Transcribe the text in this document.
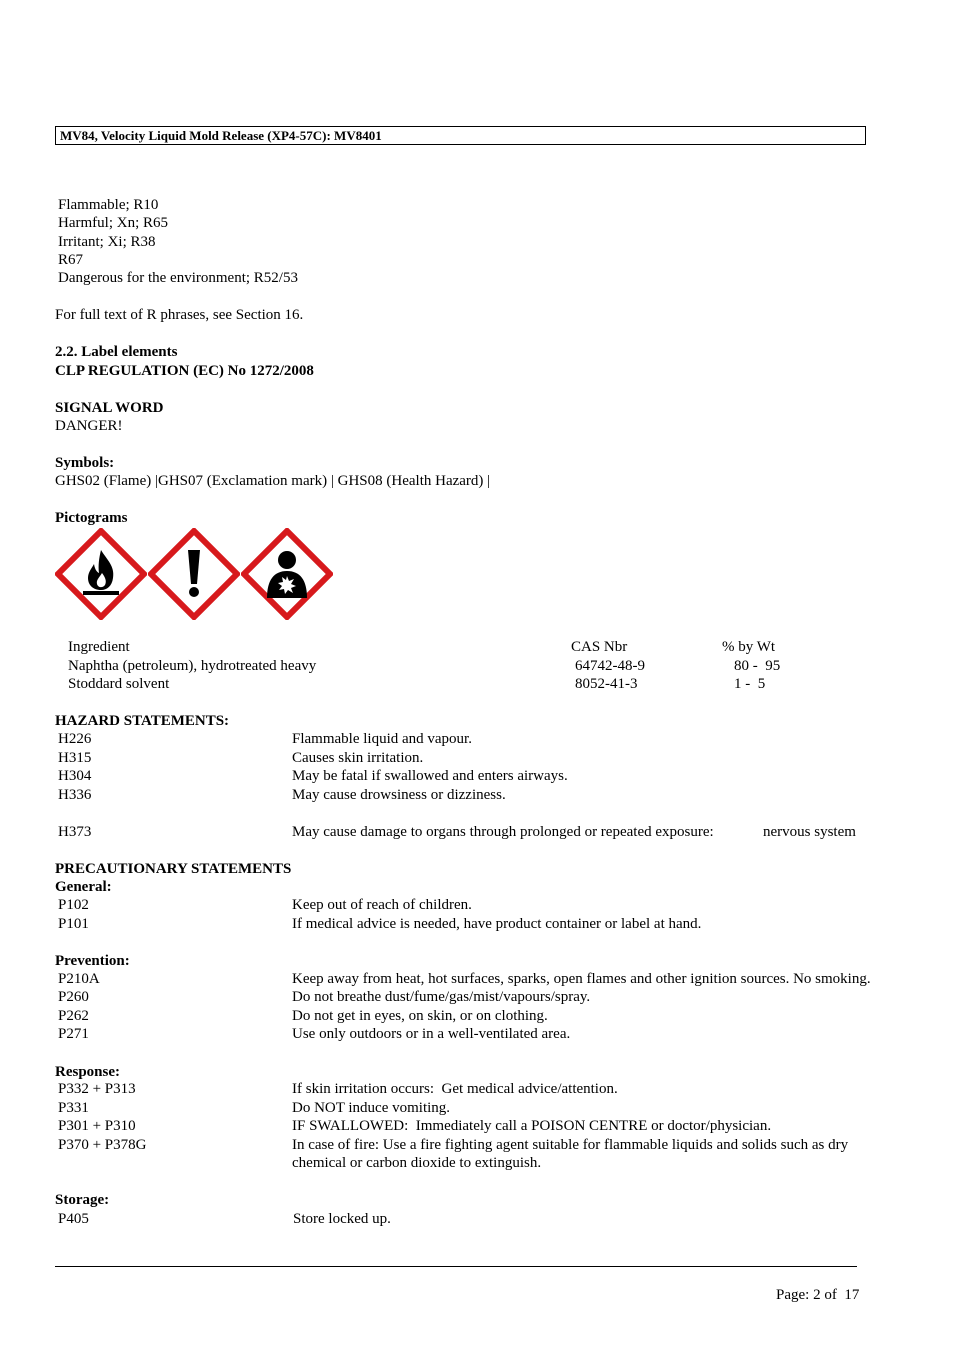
MV84, Velocity Liquid Mold Release (XP4-57C): MV8401
Flammable; R10
Harmful; Xn; R65
Irritant; Xi; R38
R67
Dangerous for the environment; R52/53
For full text of R phrases, see Section 16.
2.2. Label elements
CLP REGULATION (EC) No 1272/2008
SIGNAL WORD
DANGER!
Symbols:
GHS02 (Flame) |GHS07 (Exclamation mark) | GHS08 (Health Hazard) |
Pictograms
Ingredient	CAS Nbr	% by Wt
Naphtha (petroleum), hydrotreated heavy	64742-48-9	80 -  95
Stoddard solvent	8052-41-3	1 -  5
HAZARD STATEMENTS:
H226	Flammable liquid and vapour.
H315	Causes skin irritation.
H304	May be fatal if swallowed and enters airways.
H336	May cause drowsiness or dizziness.
H373	May cause damage to organs through prolonged or repeated exposure:	nervous system
PRECAUTIONARY STATEMENTS
General:
P102	Keep out of reach of children.
P101	If medical advice is needed, have product container or label at hand.
Prevention:
P210A	Keep away from heat, hot surfaces, sparks, open flames and other ignition sources. No smoking.
P260	Do not breathe dust/fume/gas/mist/vapours/spray.
P262	Do not get in eyes, on skin, or on clothing.
P271	Use only outdoors or in a well-ventilated area.
Response:
P332 + P313	If skin irritation occurs:  Get medical advice/attention.
P331	Do NOT induce vomiting.
P301 + P310	IF SWALLOWED:  Immediately call a POISON CENTRE or doctor/physician.
P370 + P378G	In case of fire: Use a fire fighting agent suitable for flammable liquids and solids such as dry
chemical or carbon dioxide to extinguish.
Storage:
P405	Store locked up.
Page: 2 of  17
